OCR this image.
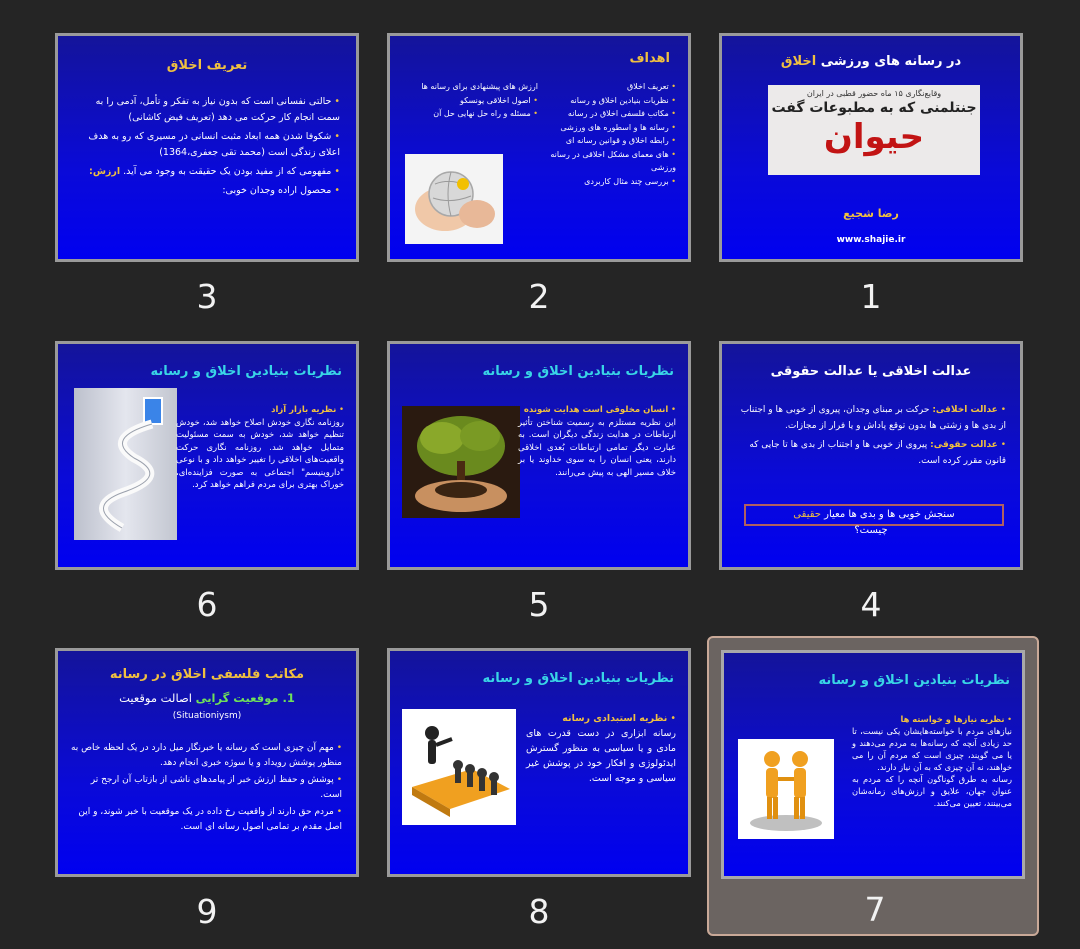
تعریف اخلاق

• حالتی نفسانی است که بدون نیاز به تفکر و تأمل، آدمی را به سمت انجام کار حرکت می دهد (تعریف فیض کاشانی)

• شکوفا شدن همه ابعاد مثبت انسانی در مسیری که رو به هدف اعلای زندگی است (محمد تقی جعفری،1364)

• مفهومی که از مفید بودن یک حقیقت به وجود می آید. ارزش:

• محصول اراده وجدان خوبی:

3
اهداف
• تعریف اخلاق
• نظریات بنیادین اخلاق و رسانه
• مکاتب فلسفی اخلاق در رسانه
• رسانه ها و اسطوره های ورزشی
• رابطه اخلاق و قوانین رسانه ای
• های معمای مشکل اخلاقی در رسانه ورزشی
• بررسی چند مثال کاربردی
ارزش های پیشنهادی برای رسانه ها
• اصول اخلاقی یونسکو
• مسئله و راه حل نهایی حل آن
2
در رسانه های ورزشی اخلاق
وقایع‌نگاری ۱۵ ماه حضور قطبی در ایران
جنتلمنی که به مطبوعات گفت
حیوان
رضا شجیع
www.shajie.ir
1
نظریات بنیادین اخلاق و رسانه
• نظریه بازار آزاد
روزنامه نگاری خودش اصلاح خواهد شد، خودش تنظیم خواهد شد، خودش به سمت مسئولیت متمایل خواهد شد. روزنامه نگاری حرکت واقعیت‌های اخلاقی را تغییر خواهد داد و با نوعی "داروینیسم" اجتماعی به صورت فزاینده‌ای، خوراک بهتری برای مردم فراهم خواهد کرد.
6
نظریات بنیادین اخلاق و رسانه
• انسان مخلوقی است هدایت شونده
این نظریه مستلزم به رسمیت شناختن تأثیر ارتباطات در هدایت زندگی دیگران است. به عبارت دیگر تمامی ارتباطات بُعدی اخلاقی دارند، یعنی انسان را به سوی خداوند یا بر خلاف مسیر الهی به پیش می‌رانند.
5
عدالت اخلاقی یا عدالت حقوقی

• عدالت اخلاقی: حرکت بر مبنای وجدان، پیروی از خوبی ها و اجتناب از بدی ها و زشتی ها بدون توقع پاداش و یا فرار از مجازات.

• عدالت حقوقی: پیروی از خوبی ها و اجتناب از بدی ها تا جایی که قانون مقرر کرده است.

سنجش خوبی ها و بدی ها معیار حقیقی
چیست؟
4
مکاتب فلسفی اخلاق در رسانه
1. موقعیت گرایی اصالت موقعیت
(Situationiysm)

• مهم آن چیزی است که رسانه یا خبرنگار میل دارد در یک لحظه خاص به منظور پوشش رویداد و یا سوژه خبری انجام دهد.

• پوشش و حفظ ارزش خبر از پیامدهای ناشی از بازتاب آن ارجح تر است.

• مردم حق دارند از واقعیت رخ داده در یک موقعیت با خبر شوند، و این اصل مقدم بر تمامی اصول رسانه ای است.

9
نظریات بنیادین اخلاق و رسانه
• نظریه استبدادی رسانه
رسانه ابزاری در دست قدرت های مادی و یا سیاسی به منظور گسترش ایدئولوژی و افکار خود در پوشش غیر سیاسی و موجه است.
8
نظریات بنیادین اخلاق و رسانه
• نظریه نیازها و خواسته ها
نیازهای مردم با خواسته‌هایشان یکی نیست، تا حد زیادی آنچه که رسانه‌ها به مردم می‌دهند و یا می گویند، چیزی است که مردم آن را می خواهند، نه آن چیزی که به آن نیاز دارند.
رسانه به طرق گوناگون آنچه را که مردم به عنوان جهان، علایق و ارزش‌های زمانه‌شان می‌بینند، تعیین می‌کنند.
7
